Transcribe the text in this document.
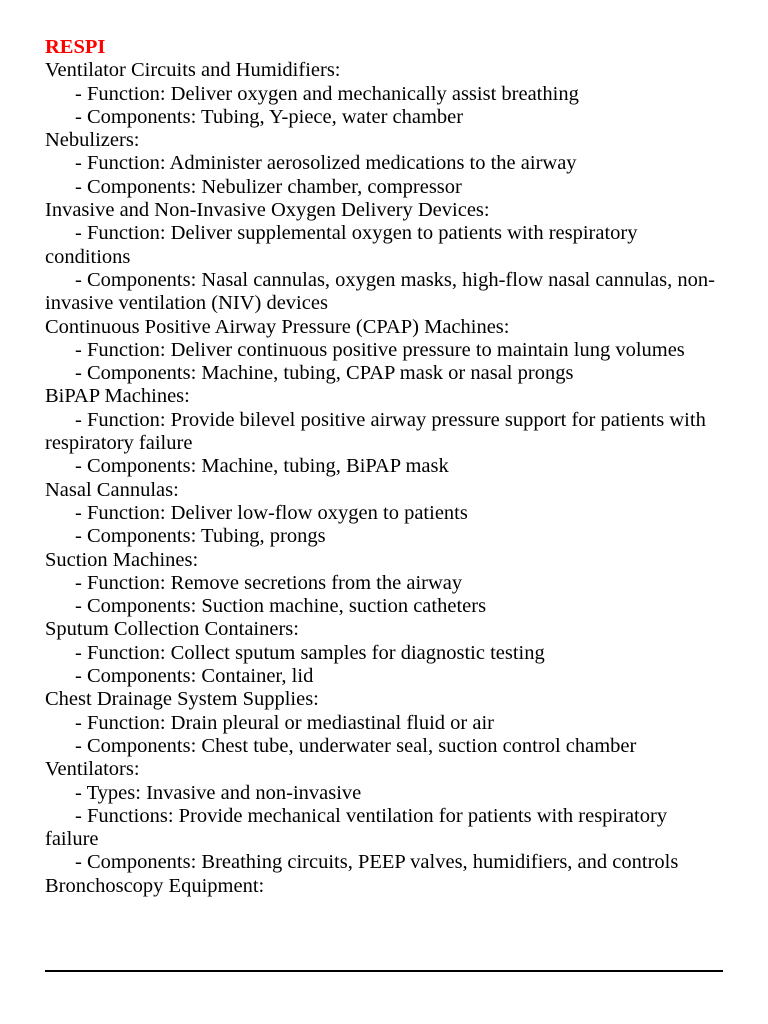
RESPI
Ventilator Circuits and Humidifiers:
- Function: Deliver oxygen and mechanically assist breathing
- Components: Tubing, Y-piece, water chamber
Nebulizers:
- Function: Administer aerosolized medications to the airway
- Components: Nebulizer chamber, compressor
Invasive and Non-Invasive Oxygen Delivery Devices:
- Function: Deliver supplemental oxygen to patients with respiratory conditions
- Components: Nasal cannulas, oxygen masks, high-flow nasal cannulas, non-invasive ventilation (NIV) devices
Continuous Positive Airway Pressure (CPAP) Machines:
- Function: Deliver continuous positive pressure to maintain lung volumes
- Components: Machine, tubing, CPAP mask or nasal prongs
BiPAP Machines:
- Function: Provide bilevel positive airway pressure support for patients with respiratory failure
- Components: Machine, tubing, BiPAP mask
Nasal Cannulas:
- Function: Deliver low-flow oxygen to patients
- Components: Tubing, prongs
Suction Machines:
- Function: Remove secretions from the airway
- Components: Suction machine, suction catheters
Sputum Collection Containers:
- Function: Collect sputum samples for diagnostic testing
- Components: Container, lid
Chest Drainage System Supplies:
- Function: Drain pleural or mediastinal fluid or air
- Components: Chest tube, underwater seal, suction control chamber
Ventilators:
- Types: Invasive and non-invasive
- Functions: Provide mechanical ventilation for patients with respiratory failure
- Components: Breathing circuits, PEEP valves, humidifiers, and controls
Bronchoscopy Equipment:
